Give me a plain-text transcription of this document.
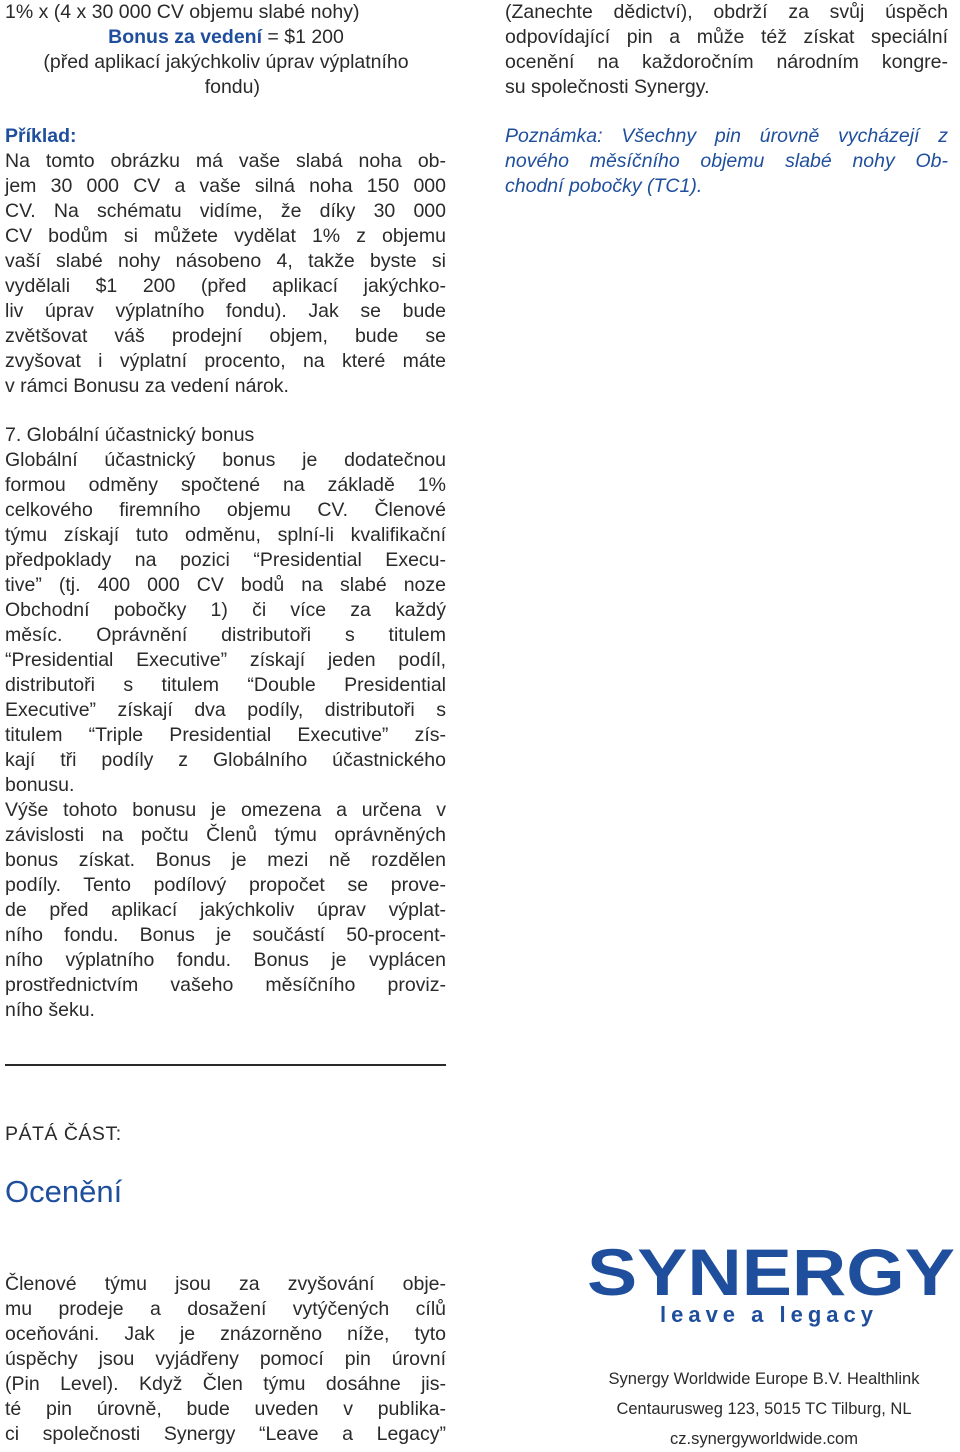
1% x (4 x 30 000 CV objemu slabé nohy)
Bonus za vedení = $1 200
(před aplikací jakýchkoliv úprav výplatního
fondu)
Příklad:
Na tomto obrázku má vaše slabá noha ob-
jem 30 000 CV a vaše silná noha 150 000
CV. Na schématu vidíme, že díky 30 000
CV bodům si můžete vydělat 1% z objemu
vaší slabé nohy násobeno 4, takže byste si
vydělali $1 200 (před aplikací jakýchko-
liv úprav výplatního fondu). Jak se bude
zvětšovat váš prodejní objem, bude se
zvyšovat i výplatní procento, na které máte
v rámci Bonusu za vedení nárok.
7. Globální účastnický bonus
Globální účastnický bonus je dodatečnou
formou odměny spočtené na základě 1%
celkového firemního objemu CV. Členové
týmu získají tuto odměnu, splní-li kvalifikační
předpoklady na pozici “Presidential Execu-
tive” (tj. 400 000 CV bodů na slabé noze
Obchodní pobočky 1) či více za každý
měsíc. Oprávnění distributoři s titulem
“Presidential Executive” získají jeden podíl,
distributoři s titulem “Double Presidential
Executive” získají dva podíly, distributoři s
titulem “Triple Presidential Executive” zís-
kají tři podíly z Globálního účastnického
bonusu.
Výše tohoto bonusu je omezena a určena v
závislosti na počtu Členů týmu oprávněných
bonus získat. Bonus je mezi ně rozdělen
podíly. Tento podílový propočet se prove-
de před aplikací jakýchkoliv úprav výplat-
ního fondu. Bonus je součástí 50-procent-
ního výplatního fondu. Bonus je vyplácen
prostřednictvím vašeho měsíčního proviz-
ního šeku.
PÁTÁ ČÁST:
Ocenění
Členové týmu jsou za zvyšování obje-
mu prodeje a dosažení vytýčených cílů
oceňováni. Jak je znázorněno níže, tyto
úspěchy jsou vyjádřeny pomocí pin úrovní
(Pin Level). Když Člen týmu dosáhne jis-
té pin úrovně, bude uveden v publika-
ci společnosti Synergy “Leave a Legacy”
(Zanechte dědictví), obdrží za svůj úspěch
odpovídající pin a může též získat speciální
ocenění na každoročním národním kongre-
su společnosti Synergy.
Poznámka: Všechny pin úrovně vycházejí z
nového měsíčního objemu slabé nohy Ob-
chodní pobočky (TC1).
SYNERGY
leave a legacy
Synergy Worldwide Europe B.V. Healthlink
Centaurusweg 123, 5015 TC Tilburg, NL
cz.synergyworldwide.com
